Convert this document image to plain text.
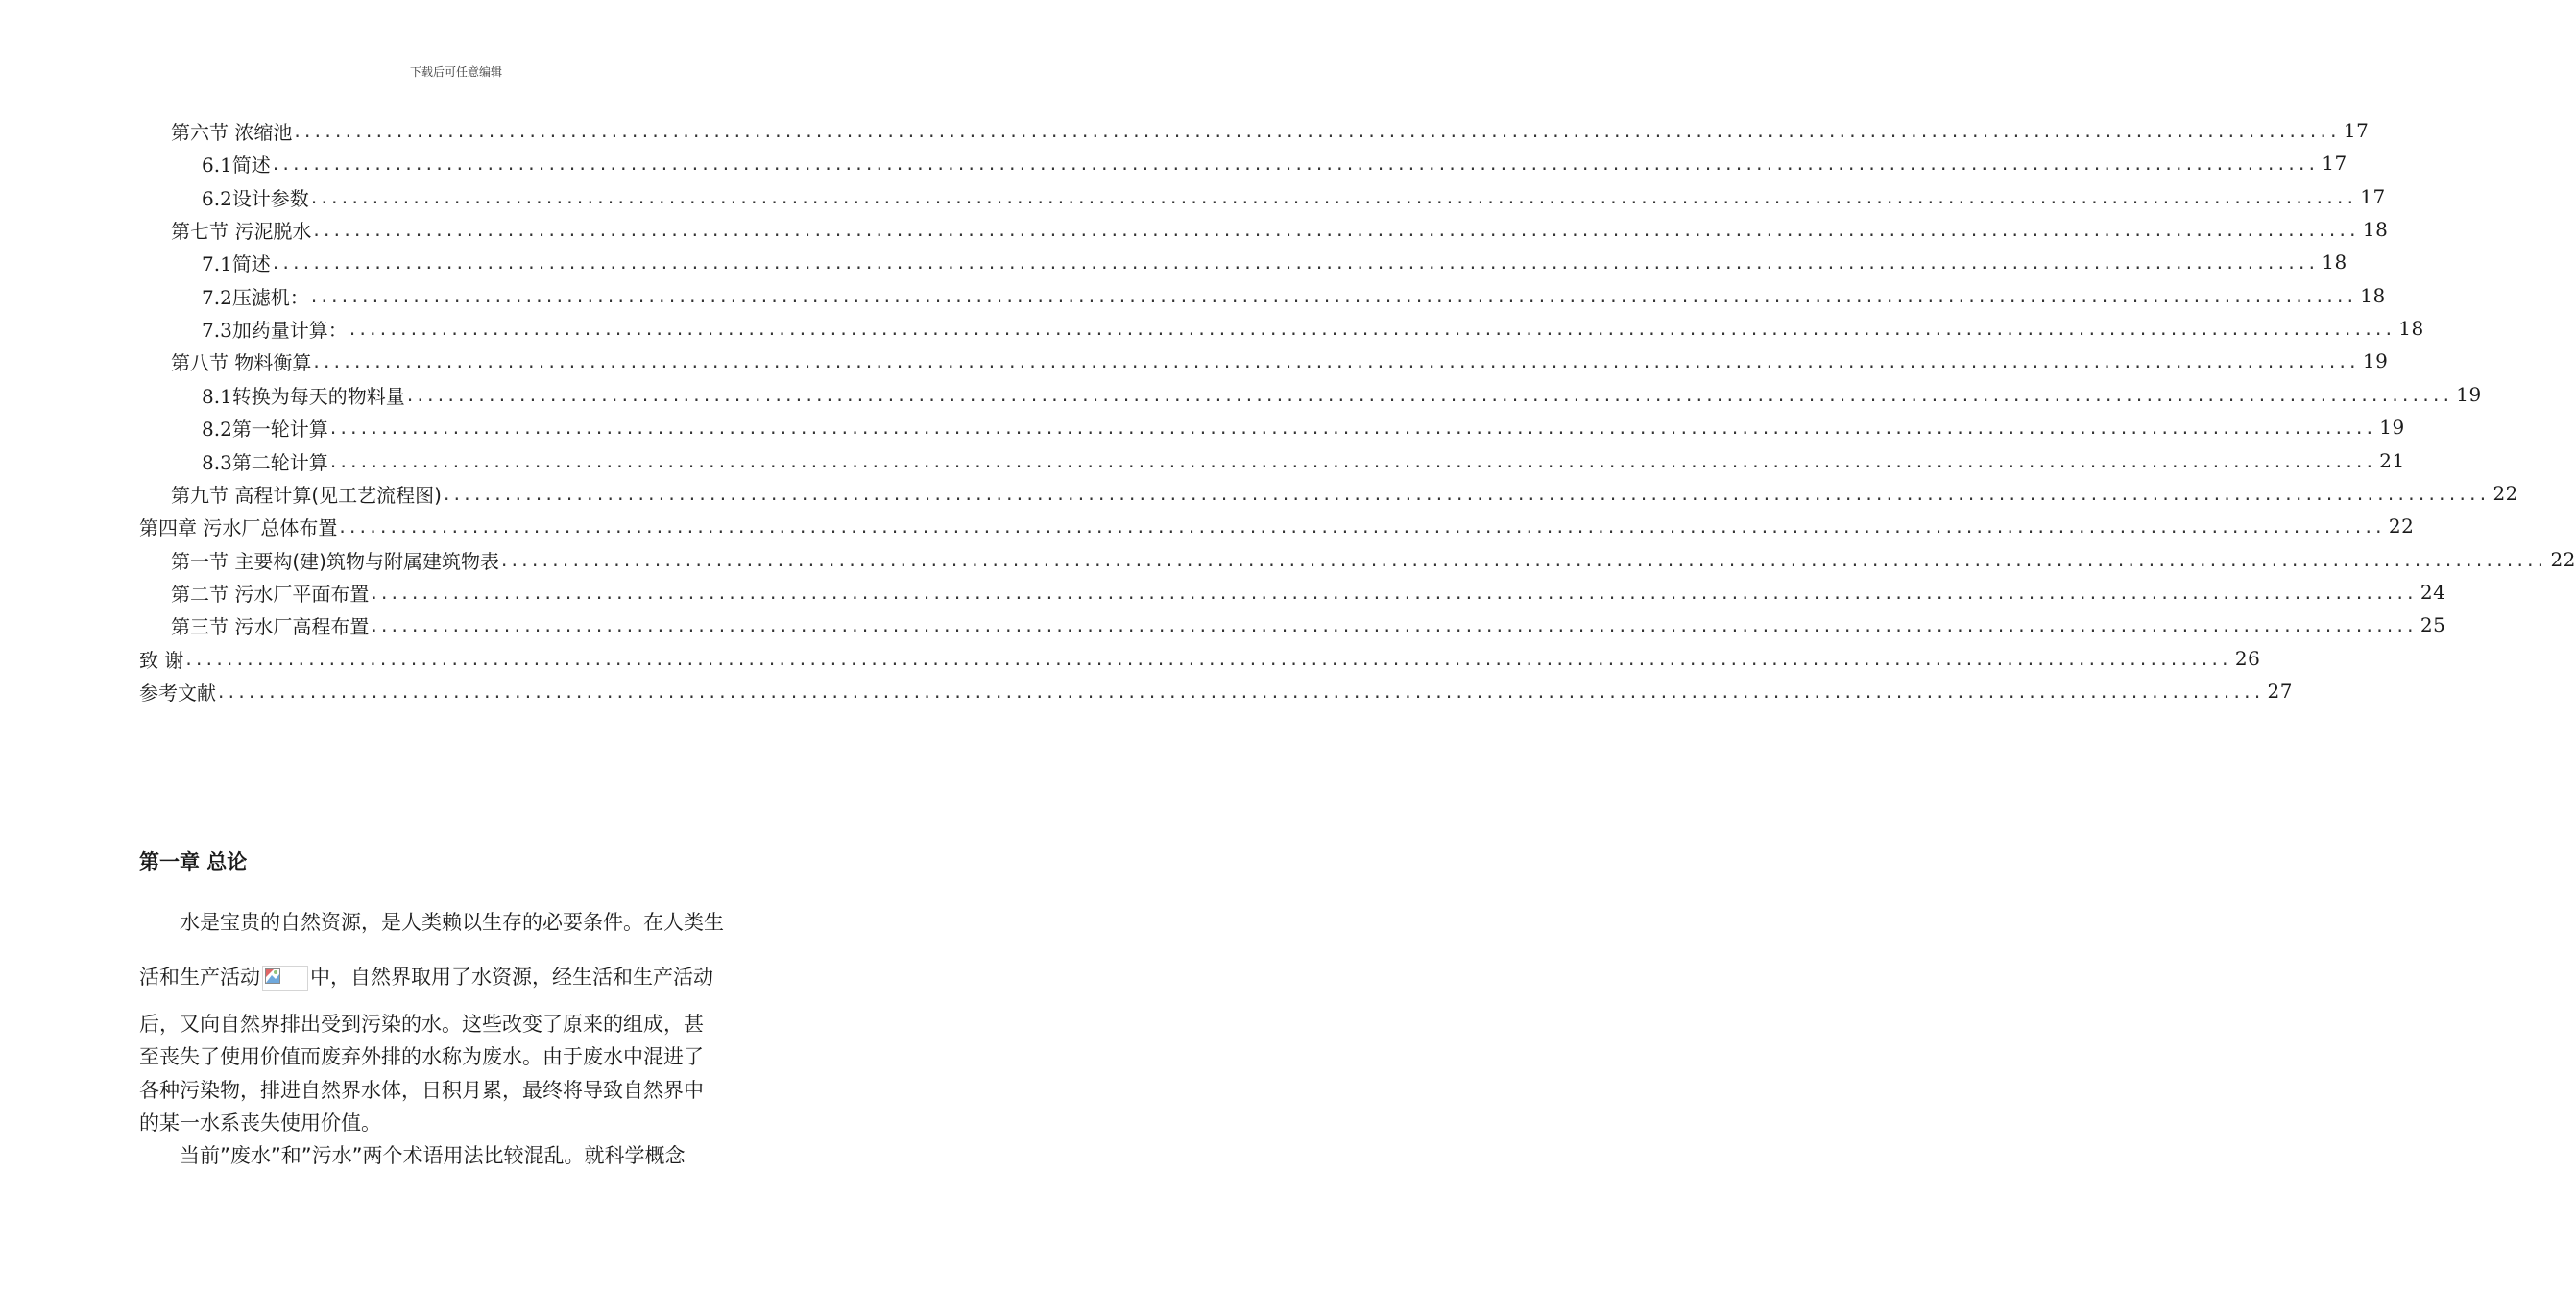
下载后可任意编辑
第六节 浓缩池 ........................................................................................................................................................................................................ 17
6.1简述 ........................................................................................................................................................................................................ 17
6.2设计参数 ........................................................................................................................................................................................................ 17
第七节 污泥脱水 ........................................................................................................................................................................................................ 18
7.1简述 ........................................................................................................................................................................................................ 18
7.2压滤机： ........................................................................................................................................................................................................ 18
7.3加药量计算： ........................................................................................................................................................................................................ 18
第八节 物料衡算 ........................................................................................................................................................................................................ 19
8.1转换为每天的物料量 ........................................................................................................................................................................................................ 19
8.2第一轮计算 ........................................................................................................................................................................................................ 19
8.3第二轮计算 ........................................................................................................................................................................................................ 21
第九节 高程计算(见工艺流程图) ........................................................................................................................................................................................................ 22
第四章 污水厂总体布置 ........................................................................................................................................................................................................ 22
第一节 主要构(建)筑物与附属建筑物表 ........................................................................................................................................................................................................ 22
第二节 污水厂平面布置 ........................................................................................................................................................................................................ 24
第三节 污水厂高程布置 ........................................................................................................................................................................................................ 25
致 谢 ........................................................................................................................................................................................................ 26
参考文献 ........................................................................................................................................................................................................ 27
第一章 总论
　　水是宝贵的自然资源，是人类赖以生存的必要条件。在人类生
活和生产活动 中，自然界取用了水资源，经生活和生产活动
后，又向自然界排出受到污染的水。这些改变了原来的组成，甚
至丧失了使用价值而废弃外排的水称为废水。由于废水中混进了
各种污染物，排进自然界水体，日积月累，最终将导致自然界中
的某一水系丧失使用价值。
　　当前”废水”和”污水”两个术语用法比较混乱。就科学概念
